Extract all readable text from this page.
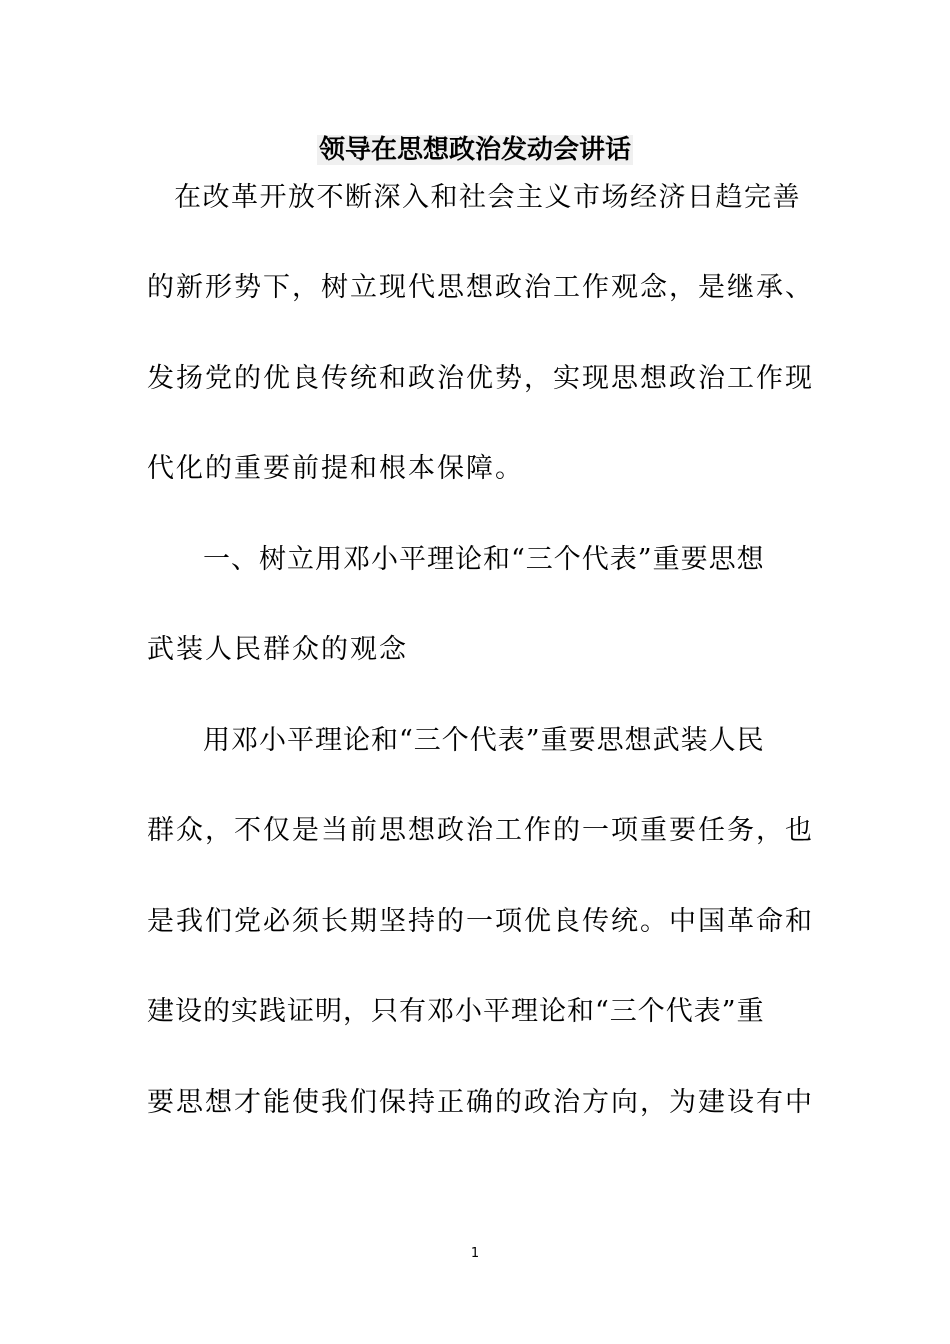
领导在思想政治发动会讲话
在改革开放不断深入和社会主义市场经济日趋完善
的新形势下，树立现代思想政治工作观念，是继承、
发扬党的优良传统和政治优势，实现思想政治工作现
代化的重要前提和根本保障。
一、树立用邓小平理论和“三个代表”重要思想
武装人民群众的观念
用邓小平理论和“三个代表”重要思想武装人民
群众，不仅是当前思想政治工作的一项重要任务，也
是我们党必须长期坚持的一项优良传统。中国革命和
建设的实践证明，只有邓小平理论和“三个代表”重
要思想才能使我们保持正确的政治方向，为建设有中
1
